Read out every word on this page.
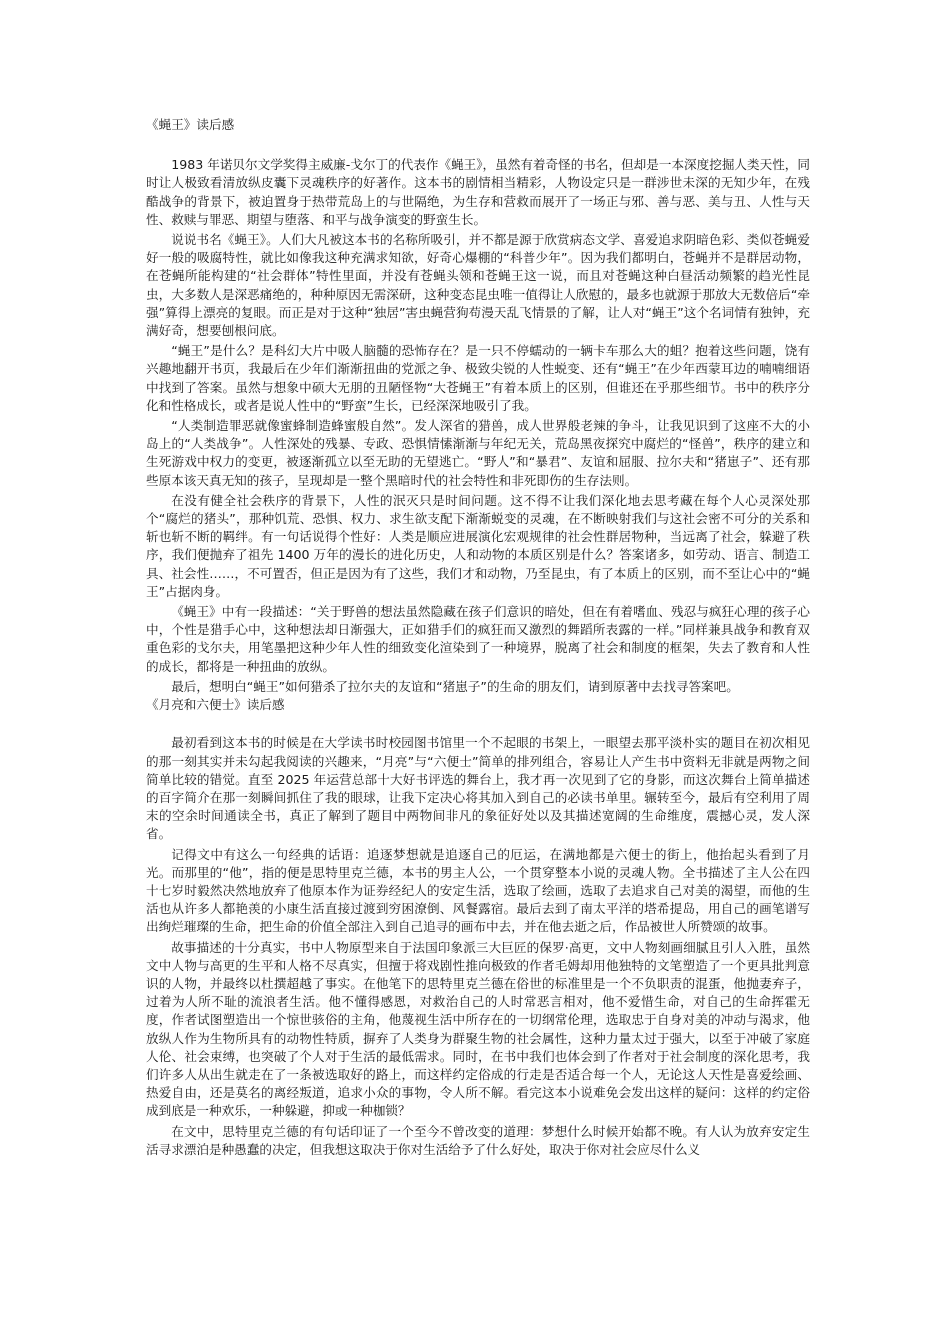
《蝇王》读后感

1983 年诺贝尔文学奖得主威廉-戈尔丁的代表作《蝇王》，虽然有着奇怪的书名，但却是一本深度挖掘人类天性，同时让人极致看清放纵皮囊下灵魂秩序的好著作。这本书的剧情相当精彩，人物设定只是一群涉世未深的无知少年，在残酷战争的背景下，被迫置身于热带荒岛上的与世隔绝，为生存和营救而展开了一场正与邪、善与恶、美与丑、人性与天性、救赎与罪恶、期望与堕落、和平与战争演变的野蛮生长。

说说书名《蝇王》。人们大凡被这本书的名称所吸引，并不都是源于欣赏病态文学、喜爱追求阴暗色彩、类似苍蝇爱好一般的吸腐特性，就比如像我这种充满求知欲，好奇心爆棚的“科普少年”。因为我们都明白，苍蝇并不是群居动物，在苍蝇所能构建的“社会群体”特性里面，并没有苍蝇头领和苍蝇王这一说，而且对苍蝇这种白昼活动频繁的趋光性昆虫，大多数人是深恶痛绝的，种种原因无需深研，这种变态昆虫唯一值得让人欣慰的，最多也就源于那放大无数倍后“牵强”算得上漂亮的复眼。而正是对于这种“独居”害虫蝇营狗苟漫天乱飞情景的了解，让人对“蝇王”这个名词情有独钟，充满好奇，想要刨根问底。

“蝇王”是什么？是科幻大片中吸人脑髓的恐怖存在？是一只不停蠕动的一辆卡车那么大的蛆？抱着这些问题，饶有兴趣地翻开书页，我最后在少年们渐渐扭曲的党派之争、极致尖锐的人性蜕变、还有“蝇王”在少年西蒙耳边的喃喃细语中找到了答案。虽然与想象中硕大无朋的丑陋怪物“大苍蝇王”有着本质上的区别，但谁还在乎那些细节。书中的秩序分化和性格成长，或者是说人性中的“野蛮”生长，已经深深地吸引了我。

“人类制造罪恶就像蜜蜂制造蜂蜜般自然”。发人深省的猎兽，成人世界般老辣的争斗，让我见识到了这座不大的小岛上的“人类战争”。人性深处的残暴、专政、恐惧情愫渐渐与年纪无关，荒岛黑夜探究中腐烂的“怪兽”，秩序的建立和生死游戏中权力的变更，被逐渐孤立以至无助的无望逃亡。“野人”和“暴君”、友谊和屈服、拉尔夫和“猪崽子”、还有那些原本该天真无知的孩子，呈现却是一整个黑暗时代的社会特性和非死即伤的生存法则。

在没有健全社会秩序的背景下，人性的泯灭只是时间问题。这不得不让我们深化地去思考藏在每个人心灵深处那个“腐烂的猪头”，那种饥荒、恐惧、权力、求生欲支配下渐渐蜕变的灵魂，在不断映射我们与这社会密不可分的关系和斩也斩不断的羁绊。有一句话说得个性好：人类是顺应进展演化宏观规律的社会性群居物种，当远离了社会，躲避了秩序，我们便抛弃了祖先 1400 万年的漫长的进化历史，人和动物的本质区别是什么？答案诸多，如劳动、语言、制造工具、社会性……，不可置否，但正是因为有了这些，我们才和动物，乃至昆虫，有了本质上的区别，而不至让心中的“蝇王”占据肉身。

《蝇王》中有一段描述：“关于野兽的想法虽然隐藏在孩子们意识的暗处，但在有着嗜血、残忍与疯狂心理的孩子心中，个性是猎手心中，这种想法却日渐强大，正如猎手们的疯狂而又激烈的舞蹈所表露的一样。”同样兼具战争和教育双重色彩的戈尔夫，用笔墨把这种少年人性的细致变化渲染到了一种境界，脱离了社会和制度的框架，失去了教育和人性的成长，都将是一种扭曲的放纵。

最后，想明白“蝇王”如何猎杀了拉尔夫的友谊和“猪崽子”的生命的朋友们，请到原著中去找寻答案吧。

《月亮和六便士》读后感

最初看到这本书的时候是在大学读书时校园图书馆里一个不起眼的书架上，一眼望去那平淡朴实的题目在初次相见的那一刻其实并未勾起我阅读的兴趣来，“月亮”与“六便士”简单的排列组合，容易让人产生书中资料无非就是两物之间简单比较的错觉。直至 2025 年运营总部十大好书评选的舞台上，我才再一次见到了它的身影，而这次舞台上简单描述的百字简介在那一刻瞬间抓住了我的眼球，让我下定决心将其加入到自己的必读书单里。辗转至今，最后有空利用了周末的空余时间通读全书，真正了解到了题目中两物间非凡的象征好处以及其描述宽阔的生命维度，震撼心灵，发人深省。

记得文中有这么一句经典的话语：追逐梦想就是追逐自己的厄运，在满地都是六便士的街上，他抬起头看到了月光。而那里的“他”，指的便是思特里克兰德，本书的男主人公，一个贯穿整本小说的灵魂人物。全书描述了主人公在四十七岁时毅然决然地放弃了他原本作为证券经纪人的安定生活，选取了绘画，选取了去追求自己对美的渴望，而他的生活也从许多人都艳羡的小康生活直接过渡到穷困潦倒、风餐露宿。最后去到了南太平洋的塔希提岛，用自己的画笔谱写出绚烂璀璨的生命，把生命的价值全部注入到自己追寻的画布中去，并在他去逝之后，作品被世人所赞颂的故事。

故事描述的十分真实，书中人物原型来自于法国印象派三大巨匠的保罗·高更，文中人物刻画细腻且引人入胜，虽然文中人物与高更的生平和人格不尽真实，但擅于将戏剧性推向极致的作者毛姆却用他独特的文笔塑造了一个更具批判意识的人物，并最终以杜撰超越了事实。在他笔下的思特里克兰德在俗世的标准里是一个不负职责的混蛋，他抛妻弃子，过着为人所不耻的流浪者生活。他不懂得感恩，对救治自己的人时常恶言相对，他不爱惜生命，对自己的生命挥霍无度，作者试图塑造出一个惊世骇俗的主角，他蔑视生活中所存在的一切纲常伦理，选取忠于自身对美的冲动与渴求，他放纵人作为生物所具有的动物性特质，摒弃了人类身为群聚生物的社会属性，这种力量太过于强大，以至于冲破了家庭人伦、社会束缚，也突破了个人对于生活的最低需求。同时，在书中我们也体会到了作者对于社会制度的深化思考，我们许多人从出生就走在了一条被选取好的路上，而这样约定俗成的行走是否适合每一个人，无论这人天性是喜爱绘画、热爱自由，还是莫名的离经叛道，追求小众的事物，令人所不解。看完这本小说难免会发出这样的疑问：这样的约定俗成到底是一种欢乐，一种躲避，抑或一种枷锁？

在文中，思特里克兰德的有句话印证了一个至今不曾改变的道理：梦想什么时候开始都不晚。有人认为放弃安定生活寻求漂泊是种愚蠢的决定，但我想这取决于你对生活给予了什么好处，取决于你对社会应尽什么义
